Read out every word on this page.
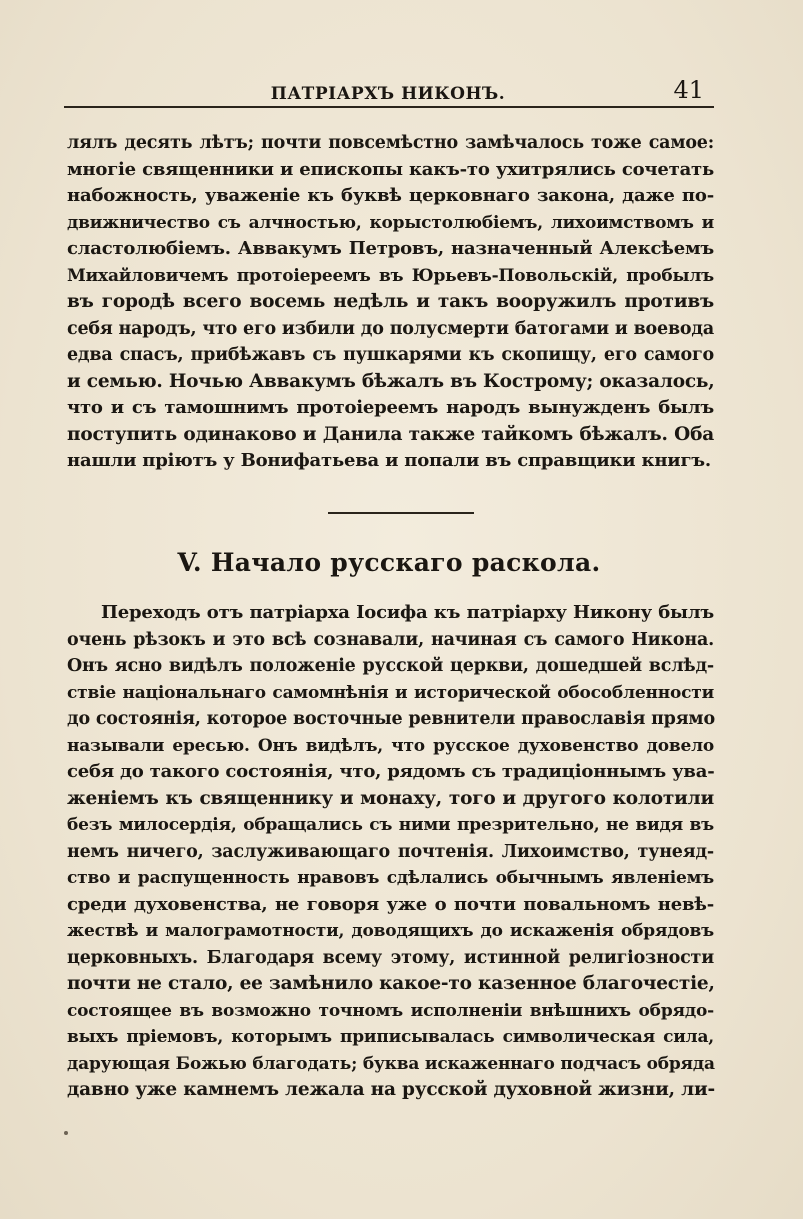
ПАТРІАРХЪ НИКОНЪ.	41
лялъ десять лѣтъ; почти повсемѣстно замѣчалось тоже самое:
многіе священники и епископы какъ-то ухитрялись сочетать
набожность, уваженіе къ буквѣ церковнаго закона, даже по-
движничество съ алчностью, корыстолюбіемъ, лихоимствомъ и
сластолюбіемъ. Аввакумъ Петровъ, назначенный Алексѣемъ
Михайловичемъ протоіереемъ въ Юрьевъ-Повольскій, пробылъ
въ городѣ всего восемь недѣль и такъ вооружилъ противъ
себя народъ, что его избили до полусмерти батогами и воевода
едва спасъ, прибѣжавъ съ пушкарями къ скопищу, его самого
и семью. Ночью Аввакумъ бѣжалъ въ Кострому; оказалось,
что и съ тамошнимъ протоіереемъ народъ вынужденъ былъ
поступить одинаково и Данила также тайкомъ бѣжалъ. Оба
нашли пріютъ у Вонифатьева и попали въ справщики книгъ.
V. Начало русскаго раскола.
Переходъ отъ патріарха Іосифа къ патріарху Никону былъ
очень рѣзокъ и это всѣ сознавали, начиная съ самого Никона.
Онъ ясно видѣлъ положеніе русской церкви, дошедшей вслѣд-
ствіе національнаго самомнѣнія и исторической обособленности
до состоянія, которое восточные ревнители православія прямо
называли ересью. Онъ видѣлъ, что русское духовенство довело
себя до такого состоянія, что, рядомъ съ традиціоннымъ ува-
женіемъ къ священнику и монаху, того и другого колотили
безъ милосердія, обращались съ ними презрительно, не видя въ
немъ ничего, заслуживающаго почтенія. Лихоимство, тунеяд-
ство и распущенность нравовъ сдѣлались обычнымъ явленіемъ
среди духовенства, не говоря уже о почти повальномъ невѣ-
жествѣ и малограмотности, доводящихъ до искаженія обрядовъ
церковныхъ. Благодаря всему этому, истинной религіозности
почти не стало, ее замѣнило какое-то казенное благочестіе,
состоящее въ возможно точномъ исполненіи внѣшнихъ обрядо-
выхъ пріемовъ, которымъ приписывалась символическая сила,
дарующая Божью благодать; буква искаженнаго подчасъ обряда
давно уже камнемъ лежала на русской духовной жизни, ли-
